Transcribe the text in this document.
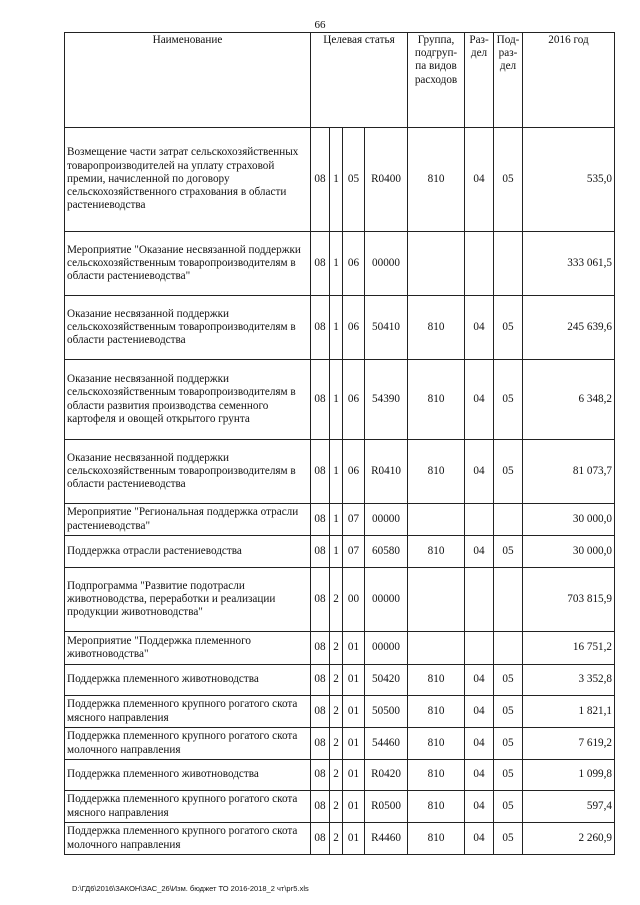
66
Наименование	Целевая статья				Группа, подгруп-па видов расходов	Раз-дел	Под-раз-дел	2016 год
Возмещение части затрат сельскохозяйственных товаропроизводителей на уплату страховой премии, начисленной по договору сельскохозяйственного страхования в области растениеводства	08	1	05	R0400	810	04	05	535,0
Мероприятие "Оказание несвязанной поддержки сельскохозяйственным товаропроизводителям в области растениеводства"	08	1	06	00000				333 061,5
Оказание несвязанной поддержки сельскохозяйственным товаропроизводителям в области растениеводства	08	1	06	50410	810	04	05	245 639,6
Оказание несвязанной поддержки сельскохозяйственным товаропроизводителям в области развития производства семенного картофеля и овощей открытого грунта	08	1	06	54390	810	04	05	6 348,2
Оказание несвязанной поддержки сельскохозяйственным товаропроизводителям в области растениеводства	08	1	06	R0410	810	04	05	81 073,7
Мероприятие "Региональная поддержка отрасли растениеводства"	08	1	07	00000				30 000,0
Поддержка отрасли растениеводства	08	1	07	60580	810	04	05	30 000,0
Подпрограмма "Развитие подотрасли животноводства, переработки и реализации продукции животноводства"	08	2	00	00000				703 815,9
Мероприятие "Поддержка племенного животноводства"	08	2	01	00000				16 751,2
Поддержка племенного животноводства	08	2	01	50420	810	04	05	3 352,8
Поддержка племенного крупного рогатого скота мясного направления	08	2	01	50500	810	04	05	1 821,1
Поддержка племенного крупного рогатого скота молочного направления	08	2	01	54460	810	04	05	7 619,2
Поддержка племенного животноводства	08	2	01	R0420	810	04	05	1 099,8
Поддержка племенного крупного рогатого скота мясного направления	08	2	01	R0500	810	04	05	597,4
Поддержка племенного крупного рогатого скота молочного направления	08	2	01	R4460	810	04	05	2 260,9
D:\ГД6\2016\ЗАКОН\ЗАС_26\Изм. бюджет ТО 2016-2018_2 чт\рг5.xls
